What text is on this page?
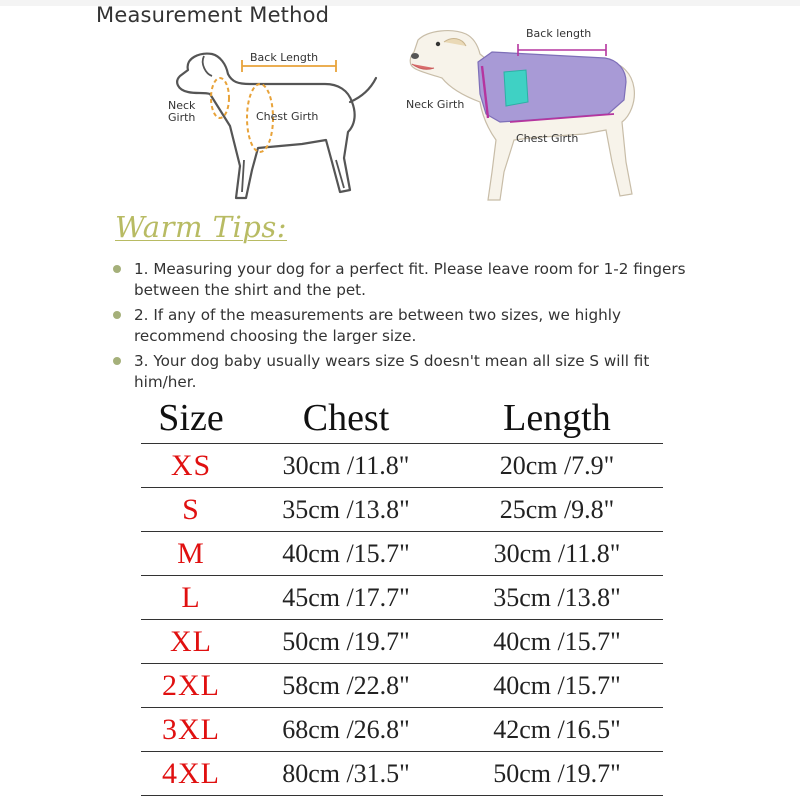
Measurement Method
Back Length
Neck
Girth	Chest Girth
Back length
Neck Girth
Chest Girth
Warm Tips:
1. Measuring your dog for a perfect fit. Please leave room for 1-2 fingers between the shirt and the pet.
2. If any of the measurements are between two sizes, we highly recommend choosing the larger size.
3. Your dog baby usually wears size S doesn't mean all size S will fit him/her.
Size	Chest	Length
XS	30cm /11.8"	20cm /7.9"
S	35cm /13.8"	25cm /9.8"
M	40cm /15.7"	30cm /11.8"
L	45cm /17.7"	35cm /13.8"
XL	50cm /19.7"	40cm /15.7"
2XL	58cm /22.8"	40cm /15.7"
3XL	68cm /26.8"	42cm /16.5"
4XL	80cm /31.5"	50cm /19.7"
